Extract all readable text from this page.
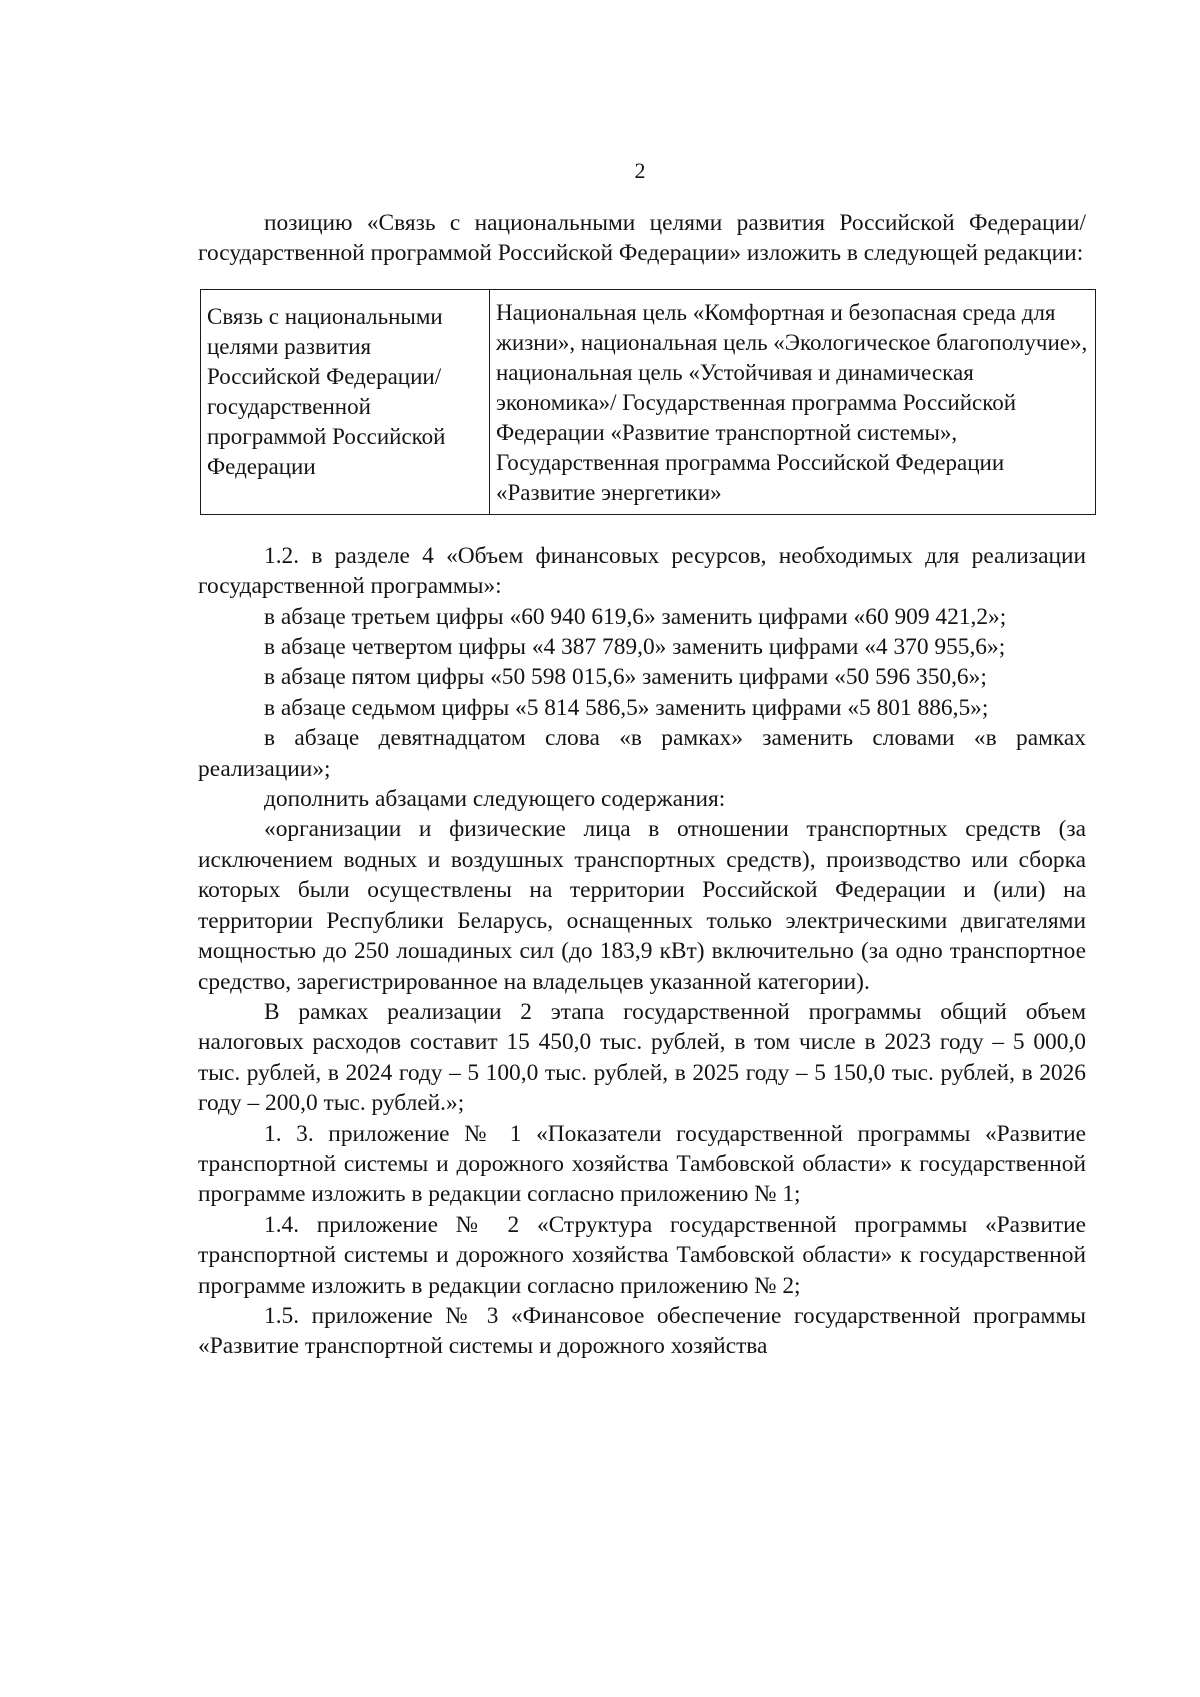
2

позицию «Связь с национальными целями развития Российской Федерации/государственной программой Российской Федерации» изложить в следующей редакции:

Связь с национальными целями развития Российской Федерации/ государственной программой Российской Федерации	Национальная цель «Комфортная и безопасная среда для жизни», национальная цель «Экологическое благополучие», национальная цель «Устойчивая и динамическая экономика»/ Государственная программа Российской Федерации «Развитие транспортной системы», Государственная программа Российской Федерации «Развитие энергетики»

1.2. в разделе 4 «Объем финансовых ресурсов, необходимых для реализации государственной программы»:

в абзаце третьем цифры «60 940 619,6» заменить цифрами «60 909 421,2»;

в абзаце четвертом цифры «4 387 789,0» заменить цифрами «4 370 955,6»;

в абзаце пятом цифры «50 598 015,6» заменить цифрами «50 596 350,6»;

в абзаце седьмом цифры «5 814 586,5» заменить цифрами «5 801 886,5»;

в абзаце девятнадцатом слова «в рамках» заменить словами «в рамках реализации»;

дополнить абзацами следующего содержания:

«организации и физические лица в отношении транспортных средств (за исключением водных и воздушных транспортных средств), производство или сборка которых были осуществлены на территории Российской Федерации и (или) на территории Республики Беларусь, оснащенных только электрическими двигателями мощностью до 250 лошадиных сил (до 183,9 кВт) включительно (за одно транспортное средство, зарегистрированное на владельцев указанной категории).

В рамках реализации 2 этапа государственной программы общий объем налоговых расходов составит 15 450,0 тыс. рублей, в том числе в 2023 году – 5 000,0 тыс. рублей, в 2024 году – 5 100,0 тыс. рублей, в 2025 году – 5 150,0 тыс. рублей, в 2026 году – 200,0 тыс. рублей.»;

1. 3. приложение № 1 «Показатели государственной программы «Развитие транспортной системы и дорожного хозяйства Тамбовской области» к государственной программе изложить в редакции согласно приложению № 1;

1.4. приложение № 2 «Структура государственной программы «Развитие транспортной системы и дорожного хозяйства Тамбовской области» к государственной программе изложить в редакции согласно приложению № 2;

1.5. приложение № 3 «Финансовое обеспечение государственной программы «Развитие транспортной системы и дорожного хозяйства
